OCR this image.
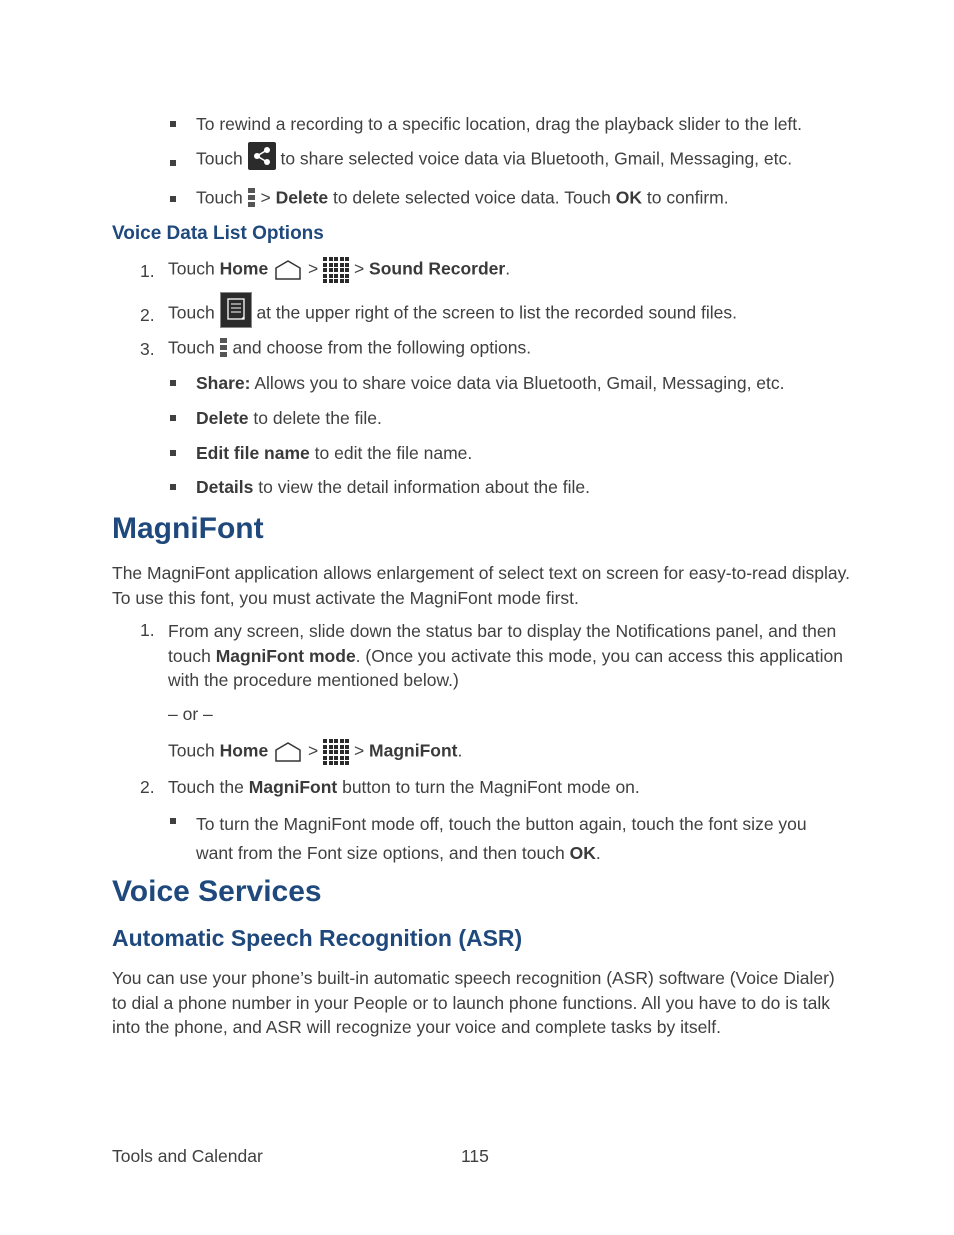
To rewind a recording to a specific location, drag the playback slider to the left.
Touch to share selected voice data via Bluetooth, Gmail, Messaging, etc.
Touch > Delete to delete selected voice data. Touch OK to confirm.
Voice Data List Options
1. Touch Home > > Sound Recorder.
2. Touch at the upper right of the screen to list the recorded sound files.
3. Touch and choose from the following options.
Share: Allows you to share voice data via Bluetooth, Gmail, Messaging, etc.
Delete to delete the file.
Edit file name to edit the file name.
Details to view the detail information about the file.
MagniFont
The MagniFont application allows enlargement of select text on screen for easy-to-read display. To use this font, you must activate the MagniFont mode first.
1. From any screen, slide down the status bar to display the Notifications panel, and then touch MagniFont mode. (Once you activate this mode, you can access this application with the procedure mentioned below.)
– or –
Touch Home > > MagniFont.
2. Touch the MagniFont button to turn the MagniFont mode on.
To turn the MagniFont mode off, touch the button again, touch the font size you want from the Font size options, and then touch OK.
Voice Services
Automatic Speech Recognition (ASR)
You can use your phone’s built-in automatic speech recognition (ASR) software (Voice Dialer) to dial a phone number in your People or to launch phone functions. All you have to do is talk into the phone, and ASR will recognize your voice and complete tasks by itself.
Tools and Calendar	115
